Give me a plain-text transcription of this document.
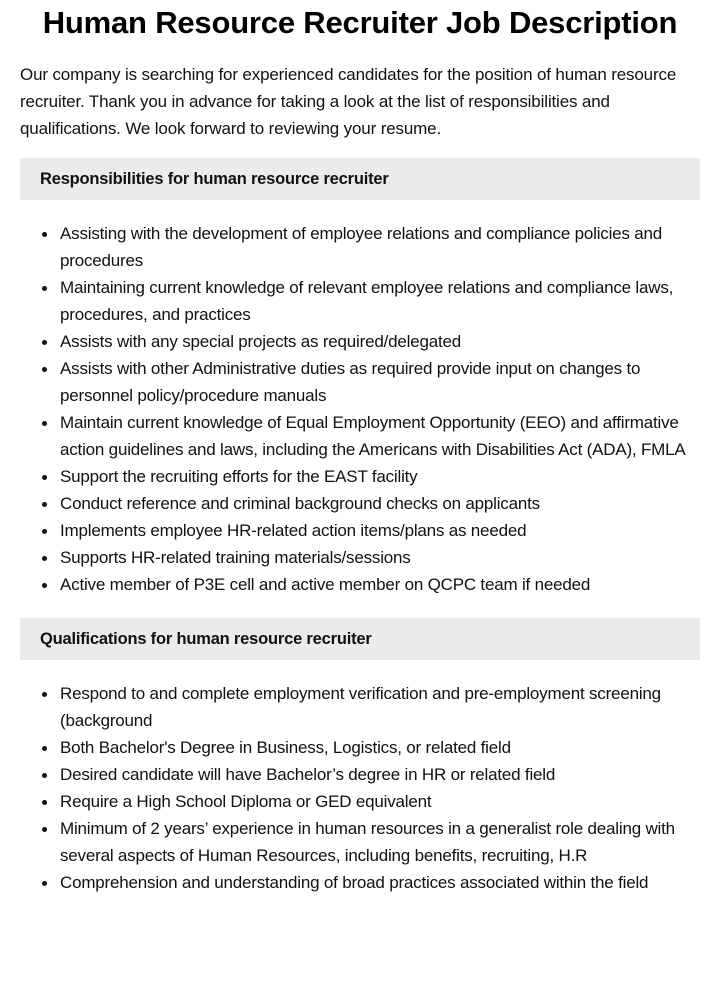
Human Resource Recruiter Job Description

Our company is searching for experienced candidates for the position of human resource recruiter. Thank you in advance for taking a look at the list of responsibilities and qualifications. We look forward to reviewing your resume.

Responsibilities for human resource recruiter
Assisting with the development of employee relations and compliance policies and procedures
Maintaining current knowledge of relevant employee relations and compliance laws, procedures, and practices
Assists with any special projects as required/delegated
Assists with other Administrative duties as required provide input on changes to personnel policy/procedure manuals
Maintain current knowledge of Equal Employment Opportunity (EEO) and affirmative action guidelines and laws, including the Americans with Disabilities Act (ADA), FMLA
Support the recruiting efforts for the EAST facility
Conduct reference and criminal background checks on applicants
Implements employee HR-related action items/plans as needed
Supports HR-related training materials/sessions
Active member of P3E cell and active member on QCPC team if needed
Qualifications for human resource recruiter
Respond to and complete employment verification and pre-employment screening (background
Both Bachelor's Degree in Business, Logistics, or related field
Desired candidate will have Bachelor’s degree in HR or related field
Require a High School Diploma or GED equivalent
Minimum of 2 years’ experience in human resources in a generalist role dealing with several aspects of Human Resources, including benefits, recruiting, H.R
Comprehension and understanding of broad practices associated within the field
